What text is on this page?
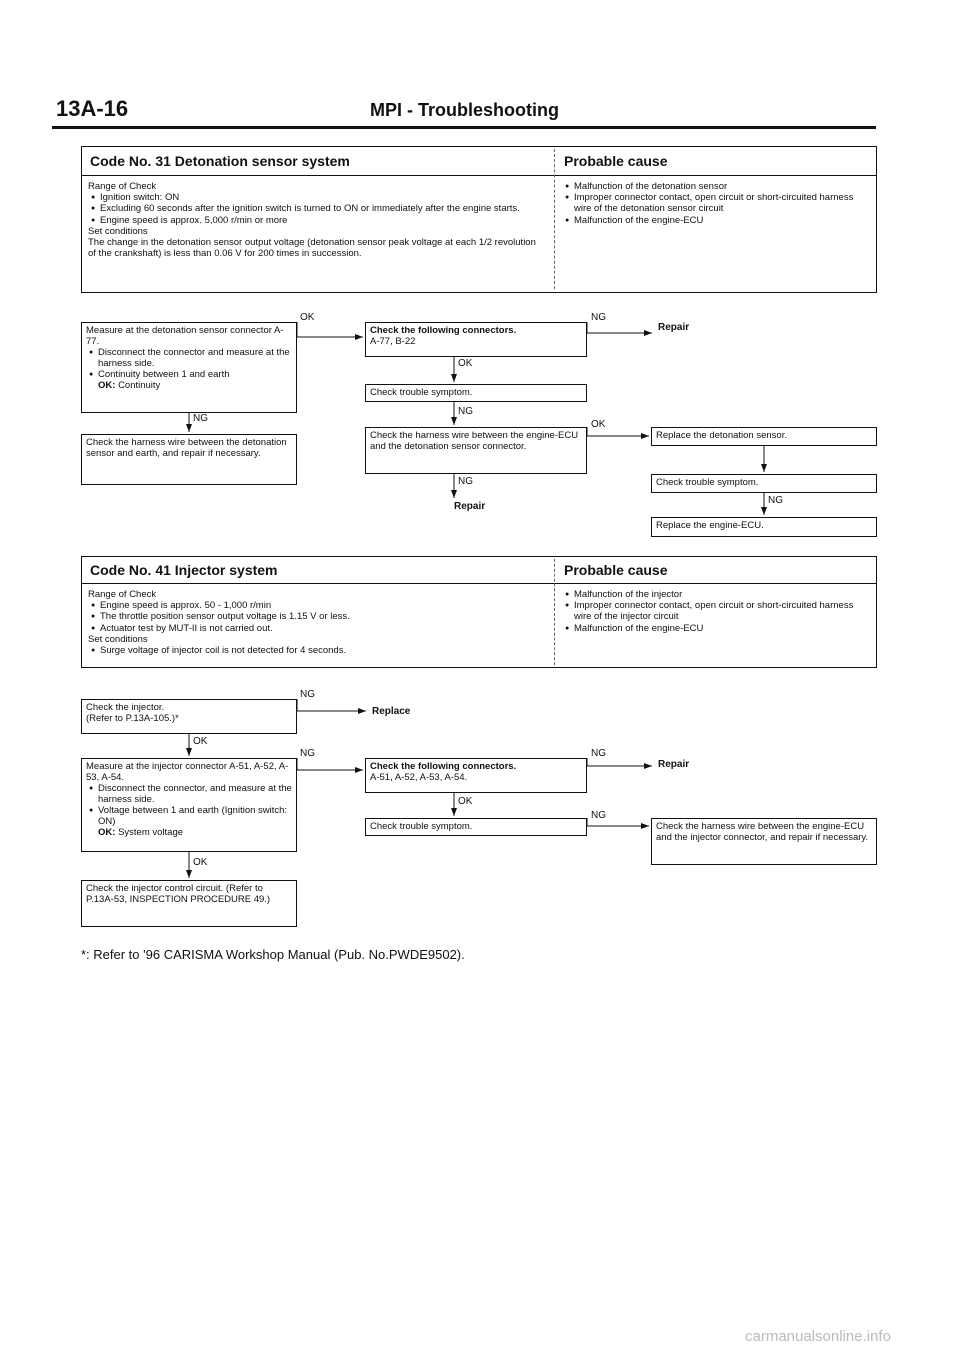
13A-16	MPI - Troubleshooting
Code No. 31 Detonation sensor system	Probable cause

Range of Check

● Ignition switch: ON

● Excluding 60 seconds after the ignition switch is turned to ON or immediately after the engine starts.

● Engine speed is approx. 5,000 r/min or more

Set conditions

The change in the detonation sensor output voltage (detonation sensor peak voltage at each 1/2 revolution of the crankshaft) is less than 0.06 V for 200 times in succession.

● Malfunction of the detonation sensor

● Improper connector contact, open circuit or short-circuited harness wire of the detonation sensor circuit

● Malfunction of the engine-ECU

Measure at the detonation sensor connector A-77.

● Disconnect the connector and measure at the harness side.

● Continuity between 1 and earth

OK: Continuity

Check the harness wire between the detonation sensor and earth, and repair if necessary.

Check the following connectors.

A-77, B-22

Check trouble symptom.

Check the harness wire between the engine-ECU and the detonation sensor connector.

Replace the detonation sensor.

Check trouble symptom.

Replace the engine-ECU.

OK	NG
Repair
OK
NG
NG
OK
NG
Repair
NG
Code No. 41 Injector system	Probable cause

Range of Check

● Engine speed is approx. 50 - 1,000 r/min

● The throttle position sensor output voltage is 1.15 V or less.

● Actuator test by MUT-II is not carried out.

Set conditions

● Surge voltage of injector coil is not detected for 4 seconds.

● Malfunction of the injector

● Improper connector contact, open circuit or short-circuited harness wire of the injector circuit

● Malfunction of the engine-ECU

Check the injector.

(Refer to P.13A-105.)*

Measure at the injector connector A-51, A-52, A-53, A-54.

● Disconnect the connector, and measure at the harness side.

● Voltage between 1 and earth (Ignition switch: ON)

OK: System voltage

Check the injector control circuit. (Refer to P.13A-53, INSPECTION PROCEDURE 49.)

Check the following connectors.

A-51, A-52, A-53, A-54.

Check trouble symptom.	Check the harness wire between the engine-ECU and the injector connector, and repair if necessary.

NG
Replace
OK
NG	NG
Repair
OK
NG
OK
*: Refer to '96 CARISMA Workshop Manual (Pub. No.PWDE9502).
carmanualsonline.info
